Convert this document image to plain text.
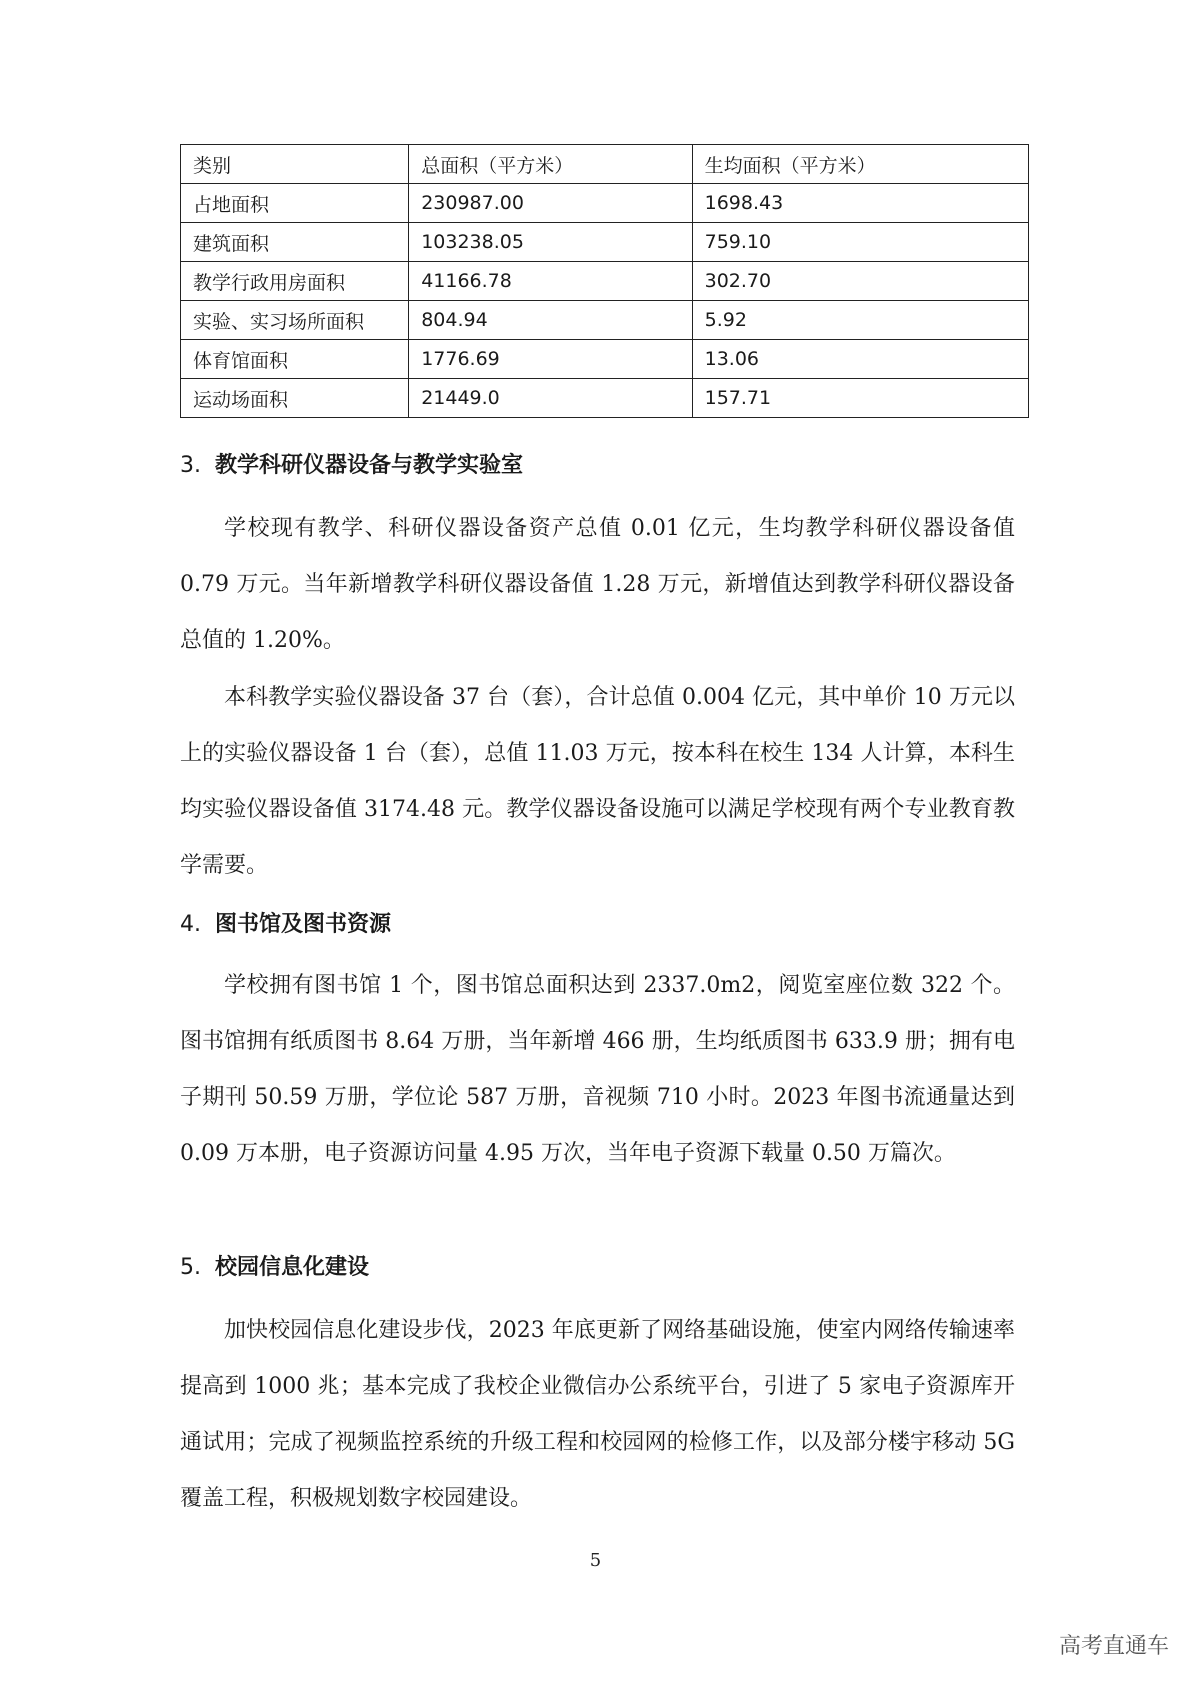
类别	总面积（平方米）	生均面积（平方米）
占地面积	230987.00	1698.43
建筑面积	103238.05	759.10
教学行政用房面积	41166.78	302.70
实验、实习场所面积	804.94	5.92
体育馆面积	1776.69	13.06
运动场面积	21449.0	157.71
3. 教学科研仪器设备与教学实验室

学校现有教学、科研仪器设备资产总值 0.01 亿元，生均教学科研仪器设备值 0.79 万元。当年新增教学科研仪器设备值 1.28 万元，新增值达到教学科研仪器设备总值的 1.20%。

本科教学实验仪器设备 37 台（套），合计总值 0.004 亿元，其中单价 10 万元以上的实验仪器设备 1 台（套），总值 11.03 万元，按本科在校生 134 人计算，本科生均实验仪器设备值 3174.48 元。教学仪器设备设施可以满足学校现有两个专业教育教学需要。

4. 图书馆及图书资源

学校拥有图书馆 1 个，图书馆总面积达到 2337.0m2，阅览室座位数 322 个。图书馆拥有纸质图书 8.64 万册，当年新增 466 册，生均纸质图书 633.9 册；拥有电子期刊 50.59 万册，学位论 587 万册，音视频 710 小时。2023 年图书流通量达到 0.09 万本册，电子资源访问量 4.95 万次，当年电子资源下载量 0.50 万篇次。

5. 校园信息化建设

加快校园信息化建设步伐，2023 年底更新了网络基础设施，使室内网络传输速率提高到 1000 兆；基本完成了我校企业微信办公系统平台，引进了 5 家电子资源库开通试用；完成了视频监控系统的升级工程和校园网的检修工作，以及部分楼宇移动 5G 覆盖工程，积极规划数字校园建设。

5
高考直通车
